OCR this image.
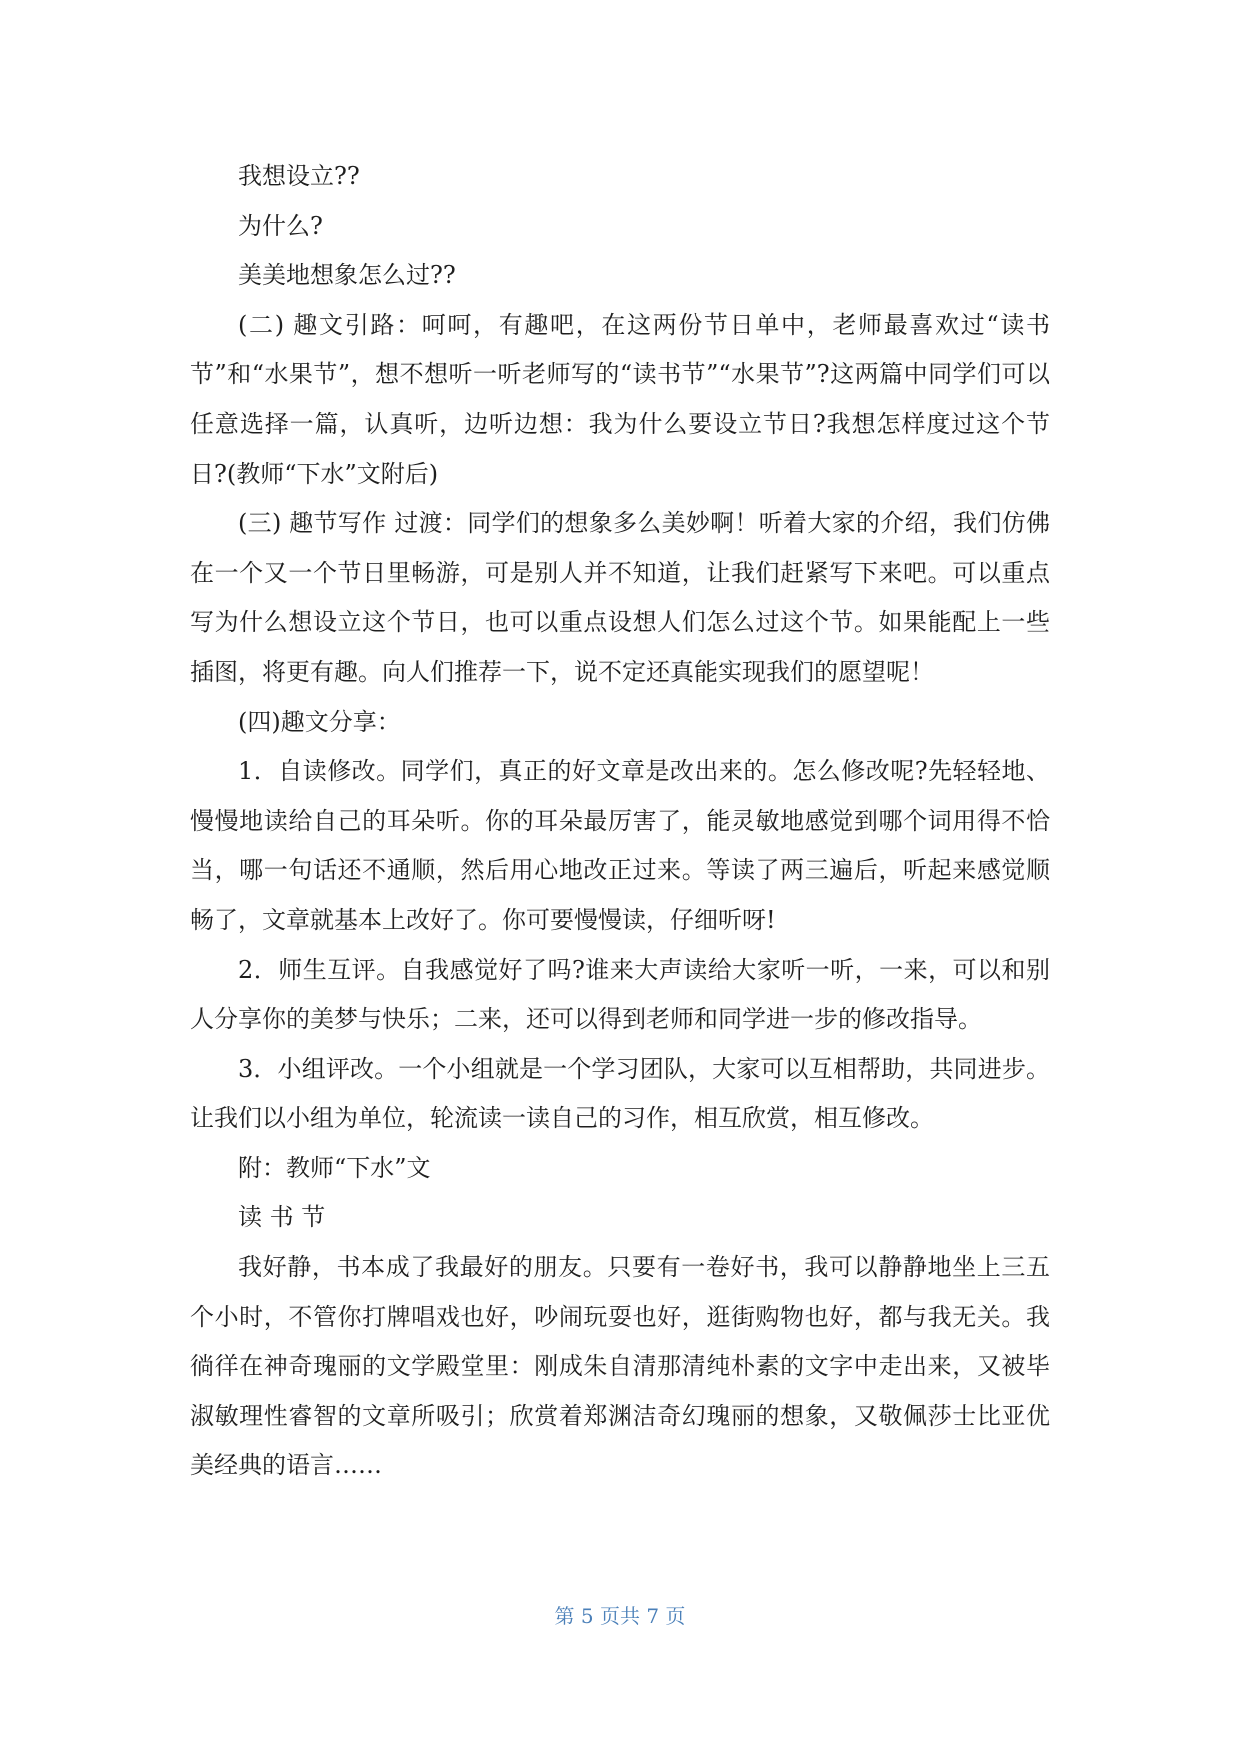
我想设立??

为什么?

美美地想象怎么过??

(二) 趣文引路：呵呵，有趣吧，在这两份节日单中，老师最喜欢过“读书节”和“水果节”，想不想听一听老师写的“读书节”“水果节”?这两篇中同学们可以任意选择一篇，认真听，边听边想：我为什么要设立节日?我想怎样度过这个节日?(教师“下水”文附后)

(三) 趣节写作 过渡：同学们的想象多么美妙啊！听着大家的介绍，我们仿佛在一个又一个节日里畅游，可是别人并不知道，让我们赶紧写下来吧。可以重点写为什么想设立这个节日，也可以重点设想人们怎么过这个节。如果能配上一些插图，将更有趣。向人们推荐一下，说不定还真能实现我们的愿望呢！

(四)趣文分享：

1．自读修改。同学们，真正的好文章是改出来的。怎么修改呢?先轻轻地、慢慢地读给自己的耳朵听。你的耳朵最厉害了，能灵敏地感觉到哪个词用得不恰当，哪一句话还不通顺，然后用心地改正过来。等读了两三遍后，听起来感觉顺畅了，文章就基本上改好了。你可要慢慢读，仔细听呀!

2．师生互评。自我感觉好了吗?谁来大声读给大家听一听，一来，可以和别人分享你的美梦与快乐；二来，还可以得到老师和同学进一步的修改指导。

3．小组评改。一个小组就是一个学习团队，大家可以互相帮助，共同进步。让我们以小组为单位，轮流读一读自己的习作，相互欣赏，相互修改。

附：教师“下水”文

读 书 节

我好静，书本成了我最好的朋友。只要有一卷好书，我可以静静地坐上三五个小时，不管你打牌唱戏也好，吵闹玩耍也好，逛街购物也好，都与我无关。我徜徉在神奇瑰丽的文学殿堂里：刚成朱自清那清纯朴素的文字中走出来，又被毕淑敏理性睿智的文章所吸引；欣赏着郑渊洁奇幻瑰丽的想象，又敬佩莎士比亚优美经典的语言……

第 5 页共 7 页
